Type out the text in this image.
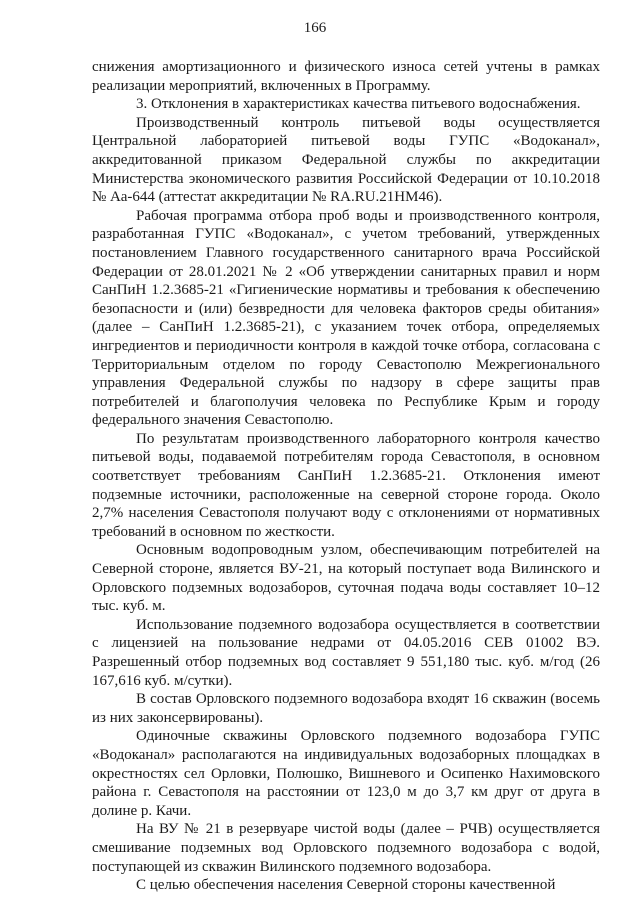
166

снижения амортизационного и физического износа сетей учтены в рамках реализации мероприятий, включенных в Программу.

3. Отклонения в характеристиках качества питьевого водоснабжения.

Производственный контроль питьевой воды осуществляется Центральной лабораторией питьевой воды ГУПС «Водоканал», аккредитованной приказом Федеральной службы по аккредитации Министерства экономического развития Российской Федерации от 10.10.2018 № Аа-644 (аттестат аккредитации № RA.RU.21НМ46).

Рабочая программа отбора проб воды и производственного контроля, разработанная ГУПС «Водоканал», с учетом требований, утвержденных постановлением Главного государственного санитарного врача Российской Федерации от 28.01.2021 № 2 «Об утверждении санитарных правил и норм СанПиН 1.2.3685-21 «Гигиенические нормативы и требования к обеспечению безопасности и (или) безвредности для человека факторов среды обитания» (далее – СанПиН 1.2.3685-21), с указанием точек отбора, определяемых ингредиентов и периодичности контроля в каждой точке отбора, согласована с Территориальным отделом по городу Севастополю Межрегионального управления Федеральной службы по надзору в сфере защиты прав потребителей и благополучия человека по Республике Крым и городу федерального значения Севастополю.

По результатам производственного лабораторного контроля качество питьевой воды, подаваемой потребителям города Севастополя, в основном соответствует требованиям СанПиН 1.2.3685-21. Отклонения имеют подземные источники, расположенные на северной стороне города. Около 2,7% населения Севастополя получают воду с отклонениями от нормативных требований в основном по жесткости.

Основным водопроводным узлом, обеспечивающим потребителей на Северной стороне, является ВУ-21, на который поступает вода Вилинского и Орловского подземных водозаборов, суточная подача воды составляет 10–12 тыс. куб. м.

Использование подземного водозабора осуществляется в соответствии с лицензией на пользование недрами от 04.05.2016 СЕВ 01002 ВЭ. Разрешенный отбор подземных вод составляет 9 551,180 тыс. куб. м/год (26 167,616 куб. м/сутки).

В состав Орловского подземного водозабора входят 16 скважин (восемь из них законсервированы).

Одиночные скважины Орловского подземного водозабора ГУПС «Водоканал» располагаются на индивидуальных водозаборных площадках в окрестностях сел Орловки, Полюшко, Вишневого и Осипенко Нахимовского района г. Севастополя на расстоянии от 123,0 м до 3,7 км друг от друга в долине р. Качи.

На ВУ № 21 в резервуаре чистой воды (далее – РЧВ) осуществляется смешивание подземных вод Орловского подземного водозабора с водой, поступающей из скважин Вилинского подземного водозабора.

С целью обеспечения населения Северной стороны качественной
